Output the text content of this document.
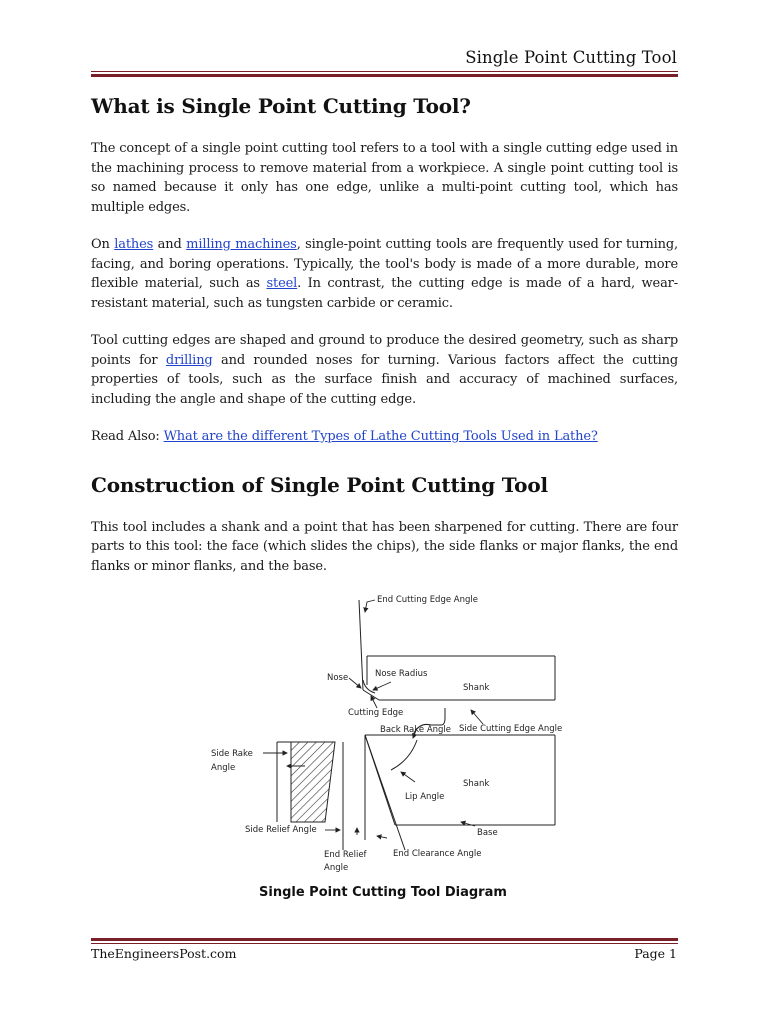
Single Point Cutting Tool
What is Single Point Cutting Tool?

The concept of a single point cutting tool refers to a tool with a single cutting edge used in the machining process to remove material from a workpiece. A single point cutting tool is so named because it only has one edge, unlike a multi-point cutting tool, which has multiple edges.

On lathes and milling machines, single-point cutting tools are frequently used for turning, facing, and boring operations. Typically, the tool's body is made of a more durable, more flexible material, such as steel. In contrast, the cutting edge is made of a hard, wear-resistant material, such as tungsten carbide or ceramic.

Tool cutting edges are shaped and ground to produce the desired geometry, such as sharp points for drilling and rounded noses for turning. Various factors affect the cutting properties of tools, such as the surface finish and accuracy of machined surfaces, including the angle and shape of the cutting edge.

Read Also: What are the different Types of Lathe Cutting Tools Used in Lathe?

Construction of Single Point Cutting Tool

This tool includes a shank and a point that has been sharpened for cutting. There are four parts to this tool: the face (which slides the chips), the side flanks or major flanks, the end flanks or minor flanks, and the base.

End Cutting Edge Angle
Nose	Nose Radius
Shank
Cutting Edge
Side Cutting Edge Angle
Back Rake Angle
Side Rake
Angle
Shank
Lip Angle
Side Relief Angle	Base
End Relief
Angle
End Clearance Angle
Single Point Cutting Tool Diagram
TheEngineersPost.com	Page 1
